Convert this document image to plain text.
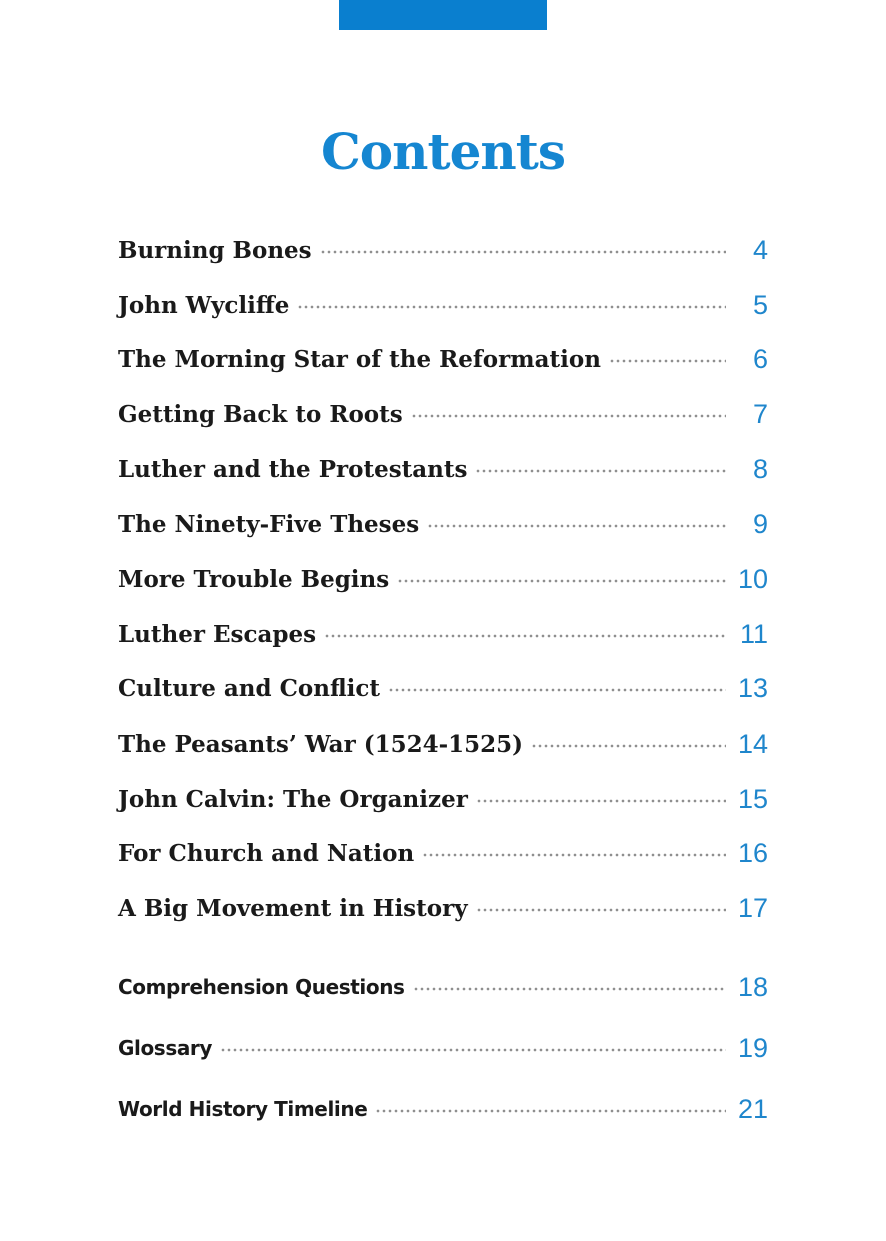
Contents
Burning Bones	4
John Wycliffe	5
The Morning Star of the Reformation	6
Getting Back to Roots	7
Luther and the Protestants	8
The Ninety-Five Theses	9
More Trouble Begins	10
Luther Escapes	11
Culture and Conflict	13
The Peasants’ War (1524-1525)	14
John Calvin: The Organizer	15
For Church and Nation	16
A Big Movement in History	17
Comprehension Questions	18
Glossary	19
World History Timeline	21
